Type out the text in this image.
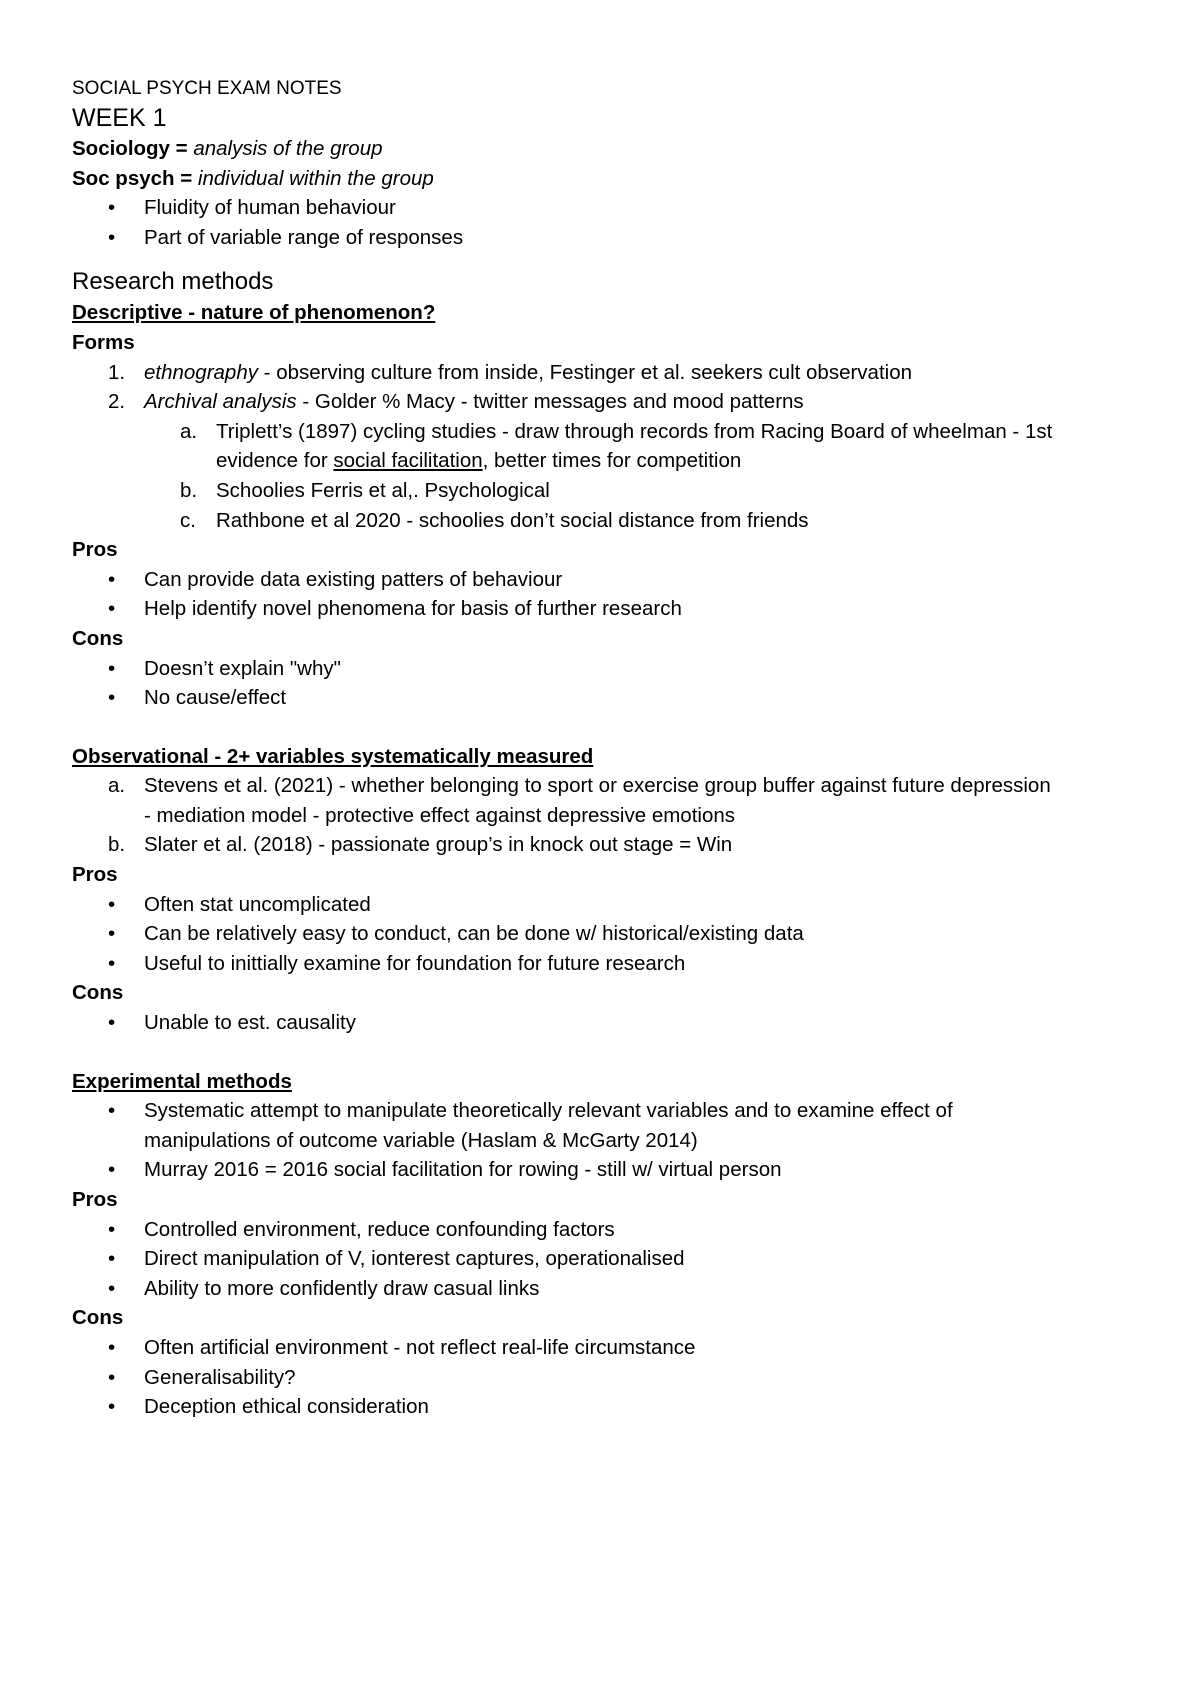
SOCIAL PSYCH EXAM NOTES
WEEK 1
Sociology = analysis of the group
Soc psych = individual within the group
•	Fluidity of human behaviour
•	Part of variable range of responses
Research methods
Descriptive - nature of phenomenon?
Forms
1. ethnography - observing culture from inside, Festinger et al. seekers cult observation
2. Archival analysis - Golder % Macy - twitter messages and mood patterns
a. Triplett’s (1897) cycling studies - draw through records from Racing Board of wheelman - 1st
evidence for social facilitation, better times for competition
b. Schoolies Ferris et al,. Psychological
c. Rathbone et al 2020 - schoolies don’t social distance from friends
Pros
•	Can provide data existing patters of behaviour
•	Help identify novel phenomena for basis of further research
Cons
•	Doesn’t explain "why"
•	No cause/effect
Observational - 2+ variables systematically measured
a. Stevens et al. (2021) - whether belonging to sport or exercise group buffer against future depression
- mediation model - protective effect against depressive emotions
b. Slater et al. (2018) - passionate group’s in knock out stage = Win
Pros
•	Often stat uncomplicated
•	Can be relatively easy to conduct, can be done w/ historical/existing data
•	Useful to inittially examine for foundation for future research
Cons
•	Unable to est. causality
Experimental methods
•	Systematic attempt to manipulate theoretically relevant variables and to examine effect of
manipulations of outcome variable (Haslam & McGarty 2014)
•	Murray 2016 = 2016 social facilitation for rowing - still w/ virtual person
Pros
•	Controlled environment, reduce confounding factors
•	Direct manipulation of V, ionterest captures, operationalised
•	Ability to more confidently draw casual links
Cons
•	Often artificial environment - not reflect real-life circumstance
•	Generalisability?
•	Deception ethical consideration
